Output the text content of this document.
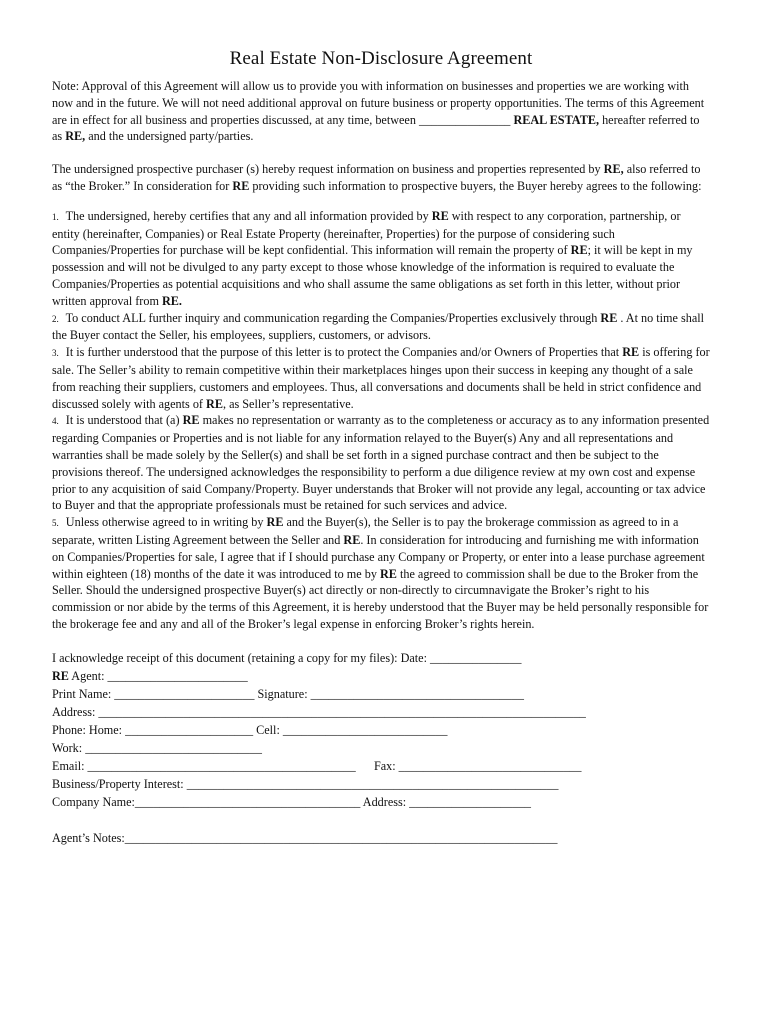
Real Estate Non-Disclosure Agreement

Note: Approval of this Agreement will allow us to provide you with information on businesses and properties we are working with now and in the future. We will not need additional approval on future business or property opportunities. The terms of this Agreement are in effect for all business and properties discussed, at any time, between _______________ REAL ESTATE, hereafter referred to as RE, and the undersigned party/parties.

The undersigned prospective purchaser (s) hereby request information on business and properties represented by RE, also referred to as “the Broker.” In consideration for RE providing such information to prospective buyers, the Buyer hereby agrees to the following:

1. The undersigned, hereby certifies that any and all information provided by RE with respect to any corporation, partnership, or entity (hereinafter, Companies) or Real Estate Property (hereinafter, Properties) for the purpose of considering such Companies/Properties for purchase will be kept confidential. This information will remain the property of RE; it will be kept in my possession and will not be divulged to any party except to those whose knowledge of the information is required to evaluate the Companies/Properties as potential acquisitions and who shall assume the same obligations as set forth in this letter, without prior written approval from RE.

2. To conduct ALL further inquiry and communication regarding the Companies/Properties exclusively through RE . At no time shall the Buyer contact the Seller, his employees, suppliers, customers, or advisors.

3. It is further understood that the purpose of this letter is to protect the Companies and/or Owners of Properties that RE is offering for sale. The Seller’s ability to remain competitive within their marketplaces hinges upon their success in keeping any thought of a sale from reaching their suppliers, customers and employees. Thus, all conversations and documents shall be held in strict confidence and discussed solely with agents of RE, as Seller’s representative.

4. It is understood that (a) RE makes no representation or warranty as to the completeness or accuracy as to any information presented regarding Companies or Properties and is not liable for any information relayed to the Buyer(s) Any and all representations and warranties shall be made solely by the Seller(s) and shall be set forth in a signed purchase contract and then be subject to the provisions thereof. The undersigned acknowledges the responsibility to perform a due diligence review at my own cost and expense prior to any acquisition of said Company/Property. Buyer understands that Broker will not provide any legal, accounting or tax advice to Buyer and that the appropriate professionals must be retained for such services and advice.

5. Unless otherwise agreed to in writing by RE and the Buyer(s), the Seller is to pay the brokerage commission as agreed to in a separate, written Listing Agreement between the Seller and RE. In consideration for introducing and furnishing me with information on Companies/Properties for sale, I agree that if I should purchase any Company or Property, or enter into a lease purchase agreement within eighteen (18) months of the date it was introduced to me by RE the agreed to commission shall be due to the Broker from the Seller. Should the undersigned prospective Buyer(s) act directly or non-directly to circumnavigate the Broker’s right to his commission or nor abide by the terms of this Agreement, it is hereby understood that the Buyer may be held personally responsible for the brokerage fee and any and all of the Broker’s legal expense in enforcing Broker’s rights herein.

I acknowledge receipt of this document (retaining a copy for my files): Date: _______________

RE Agent: _______________________

Print Name: _______________________ Signature: ___________________________________

Address: ________________________________________________________________________________

Phone: Home: _____________________ Cell: ___________________________

Work: _____________________________

Email: ____________________________________________      Fax: ______________________________

Business/Property Interest: _____________________________________________________________

Company Name:_____________________________________ Address: ____________________

Agent’s Notes:_______________________________________________________________________
